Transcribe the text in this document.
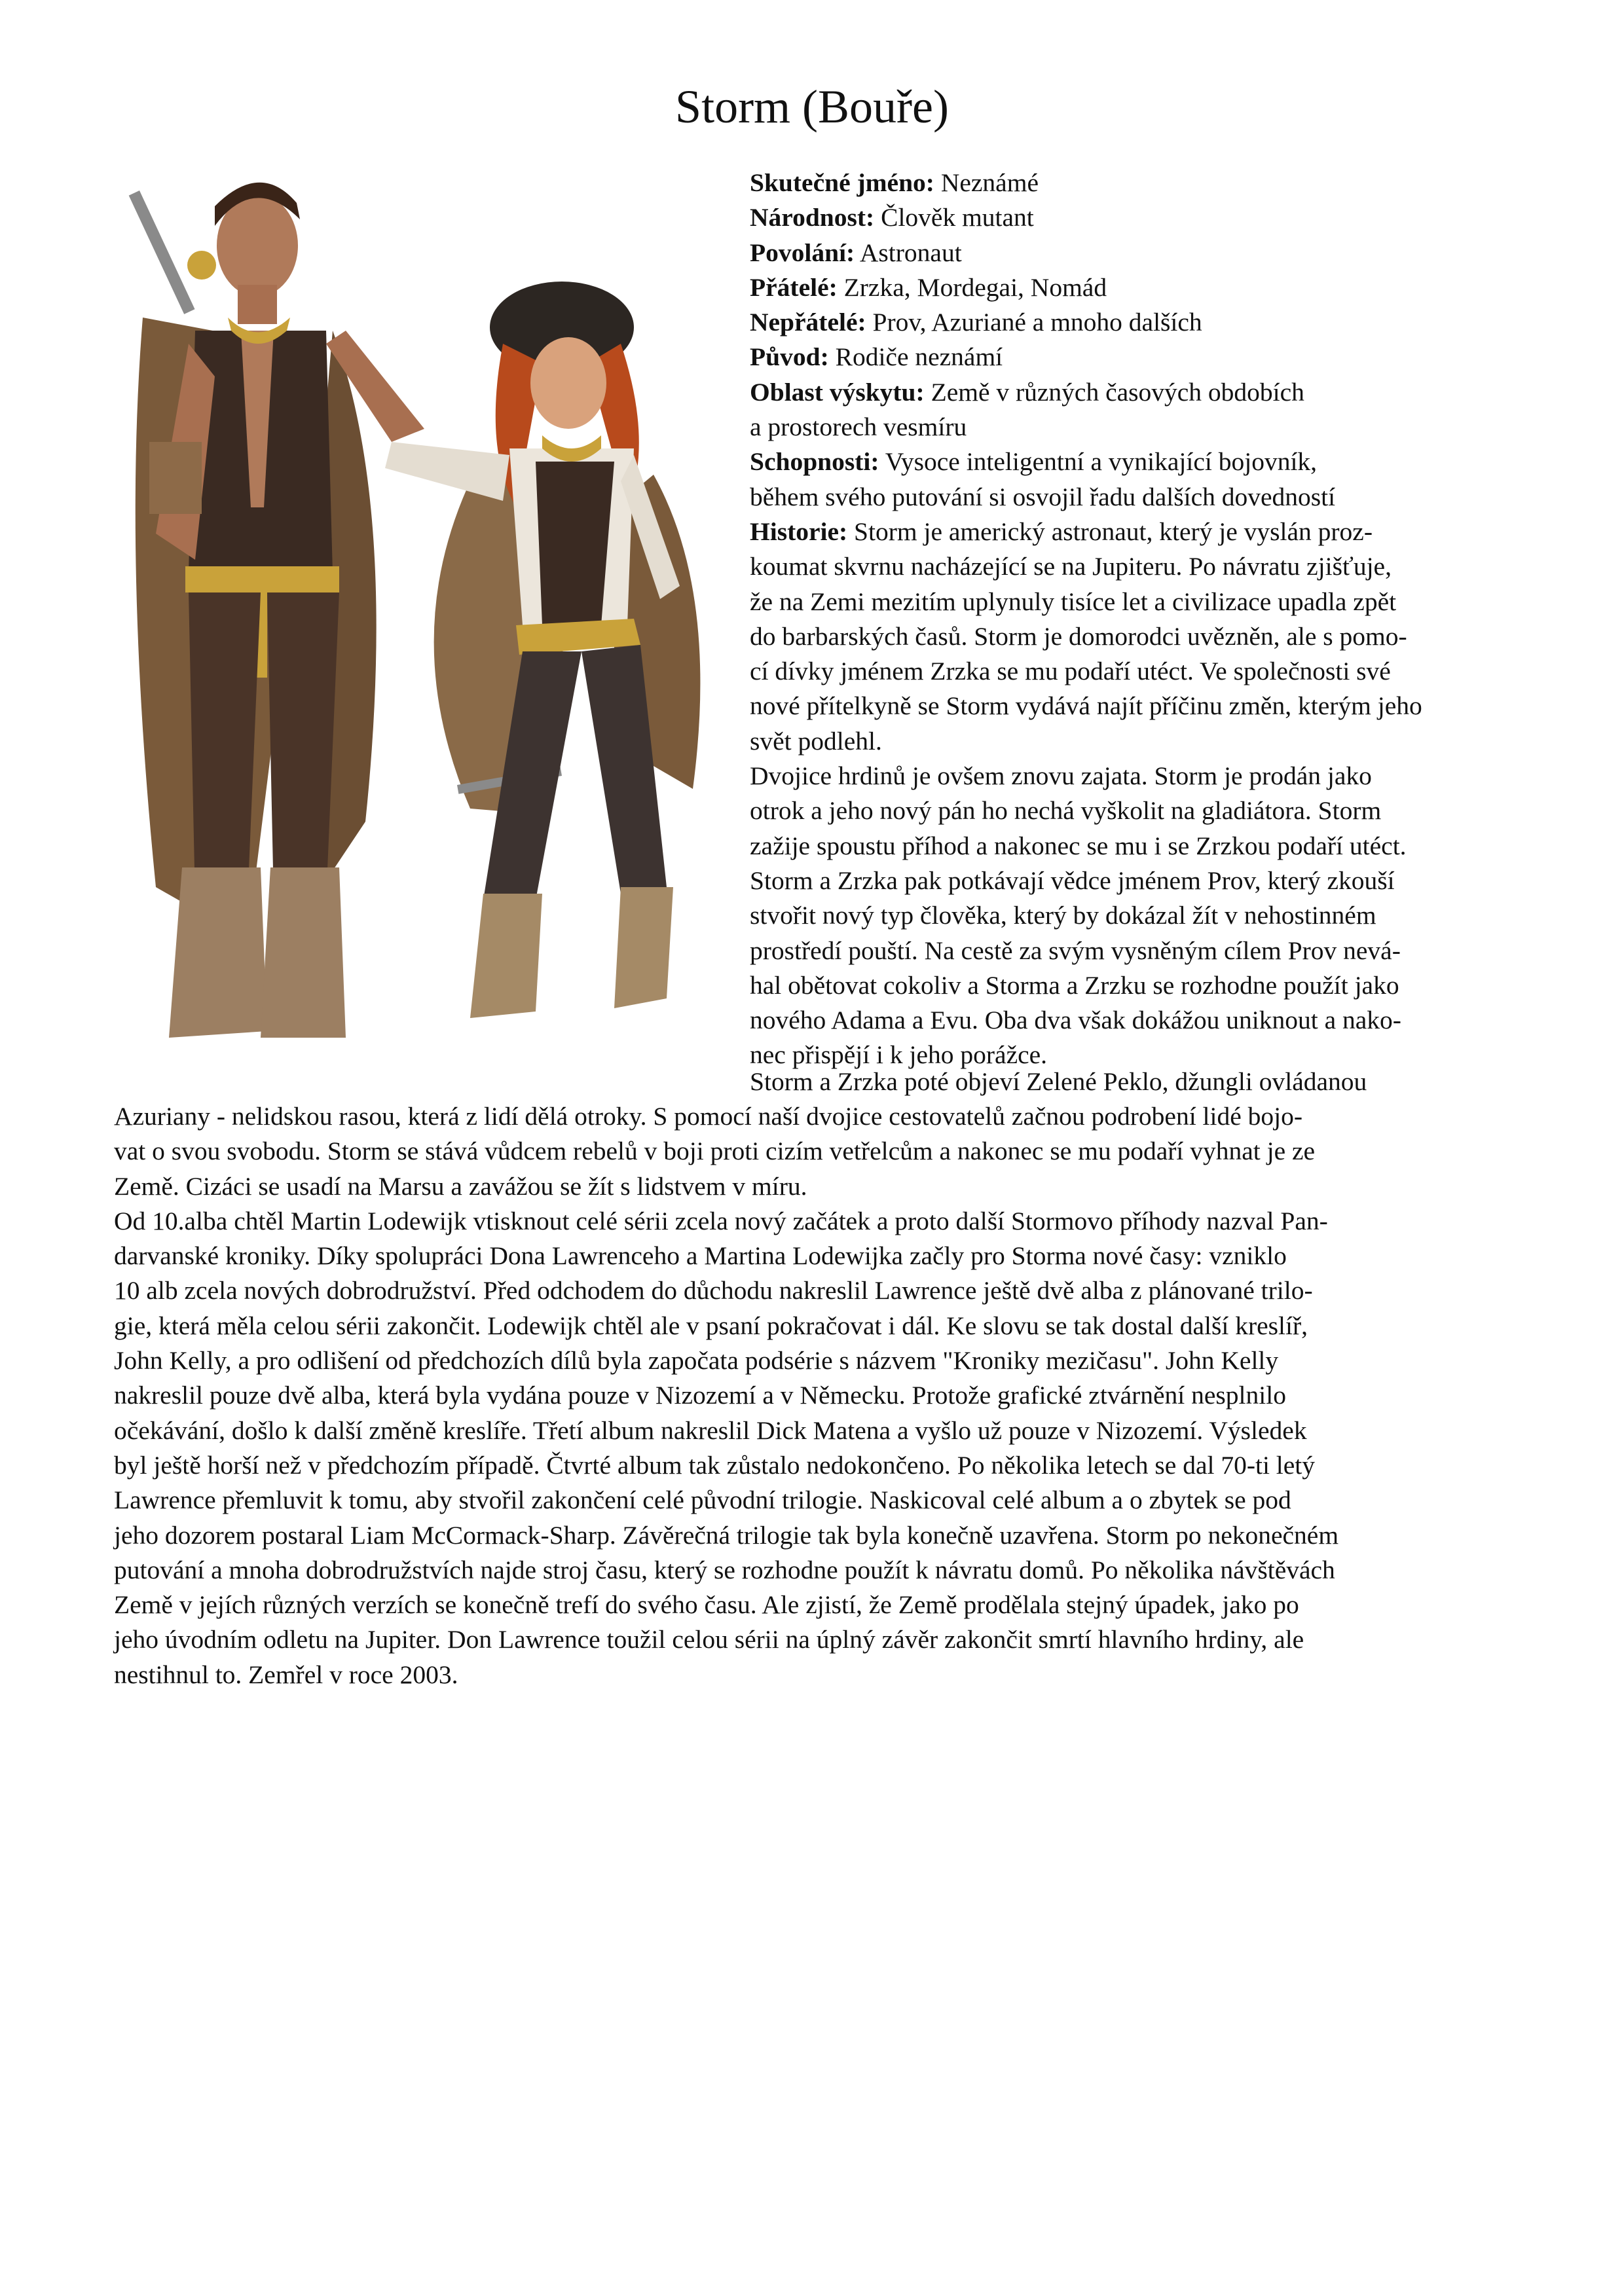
Storm (Bouře)
Skutečné jméno: Neznámé
Národnost: Člověk mutant
Povolání: Astronaut
Přátelé: Zrzka, Mordegai, Nomád
Nepřátelé: Prov, Azuriané a mnoho dalších
Původ: Rodiče neznámí
Oblast výskytu: Země v různých časových obdobích
a prostorech vesmíru
Schopnosti: Vysoce inteligentní a vynikající bojovník,
během svého putování si osvojil řadu dalších dovedností
Historie: Storm je americký astronaut, který je vyslán proz-
koumat skvrnu nacházející se na Jupiteru. Po návratu zjišťuje,
že na Zemi mezitím uplynuly tisíce let a civilizace upadla zpět
do barbarských časů. Storm je domorodci uvězněn, ale s pomo-
cí dívky jménem Zrzka se mu podaří utéct. Ve společnosti své
nové přítelkyně se Storm vydává najít příčinu změn, kterým jeho
svět podlehl.
Dvojice hrdinů je ovšem znovu zajata. Storm je prodán jako
otrok a jeho nový pán ho nechá vyškolit na gladiátora. Storm
zažije spoustu příhod a nakonec se mu i se Zrzkou podaří utéct.
Storm a Zrzka pak potkávají vědce jménem Prov, který zkouší
stvořit nový typ člověka, který by dokázal žít v nehostinném
prostředí pouští. Na cestě za svým vysněným cílem Prov nevá-
hal obětovat cokoliv a Storma a Zrzku se rozhodne použít jako
nového Adama a Evu. Oba dva však dokážou uniknout a nako-
nec přispějí i k jeho porážce.
Storm a Zrzka poté objeví Zelené Peklo, džungli ovládanou
Azuriany - nelidskou rasou, která z lidí dělá otroky. S pomocí naší dvojice cestovatelů začnou podrobení lidé bojo-
vat o svou svobodu. Storm se stává vůdcem rebelů v boji proti cizím vetřelcům a nakonec se mu podaří vyhnat je ze
Země. Cizáci se usadí na Marsu a zavážou se žít s lidstvem v míru.
Od 10.alba chtěl Martin Lodewijk vtisknout celé sérii zcela nový začátek a proto další Stormovo příhody nazval Pan-
darvanské kroniky. Díky spolupráci Dona Lawrenceho a Martina Lodewijka začly pro Storma nové časy: vzniklo
10 alb zcela nových dobrodružství. Před odchodem do důchodu nakreslil Lawrence ještě dvě alba z plánované trilo-
gie, která měla celou sérii zakončit. Lodewijk chtěl ale v psaní pokračovat i dál. Ke slovu se tak dostal další kreslíř,
John Kelly, a pro odlišení od předchozích dílů byla započata podsérie s názvem "Kroniky mezičasu". John Kelly
nakreslil pouze dvě alba, která byla vydána pouze v Nizozemí a v Německu. Protože grafické ztvárnění nesplnilo
očekávání, došlo k další změně kreslíře. Třetí album nakreslil Dick Matena a vyšlo už pouze v Nizozemí. Výsledek
byl ještě horší než v předchozím případě. Čtvrté album tak zůstalo nedokončeno. Po několika letech se dal 70-ti letý
Lawrence přemluvit k tomu, aby stvořil zakončení celé původní trilogie. Naskicoval celé album a o zbytek se pod
jeho dozorem postaral Liam McCormack-Sharp. Závěrečná trilogie tak byla konečně uzavřena. Storm po nekonečném
putování a mnoha dobrodružstvích najde stroj času, který se rozhodne použít k návratu domů. Po několika návštěvách
Země v jejích různých verzích se konečně trefí do svého času. Ale zjistí, že Země prodělala stejný úpadek, jako po
jeho úvodním odletu na Jupiter. Don Lawrence toužil celou sérii na úplný závěr zakončit smrtí hlavního hrdiny, ale
nestihnul to. Zemřel v roce 2003.
